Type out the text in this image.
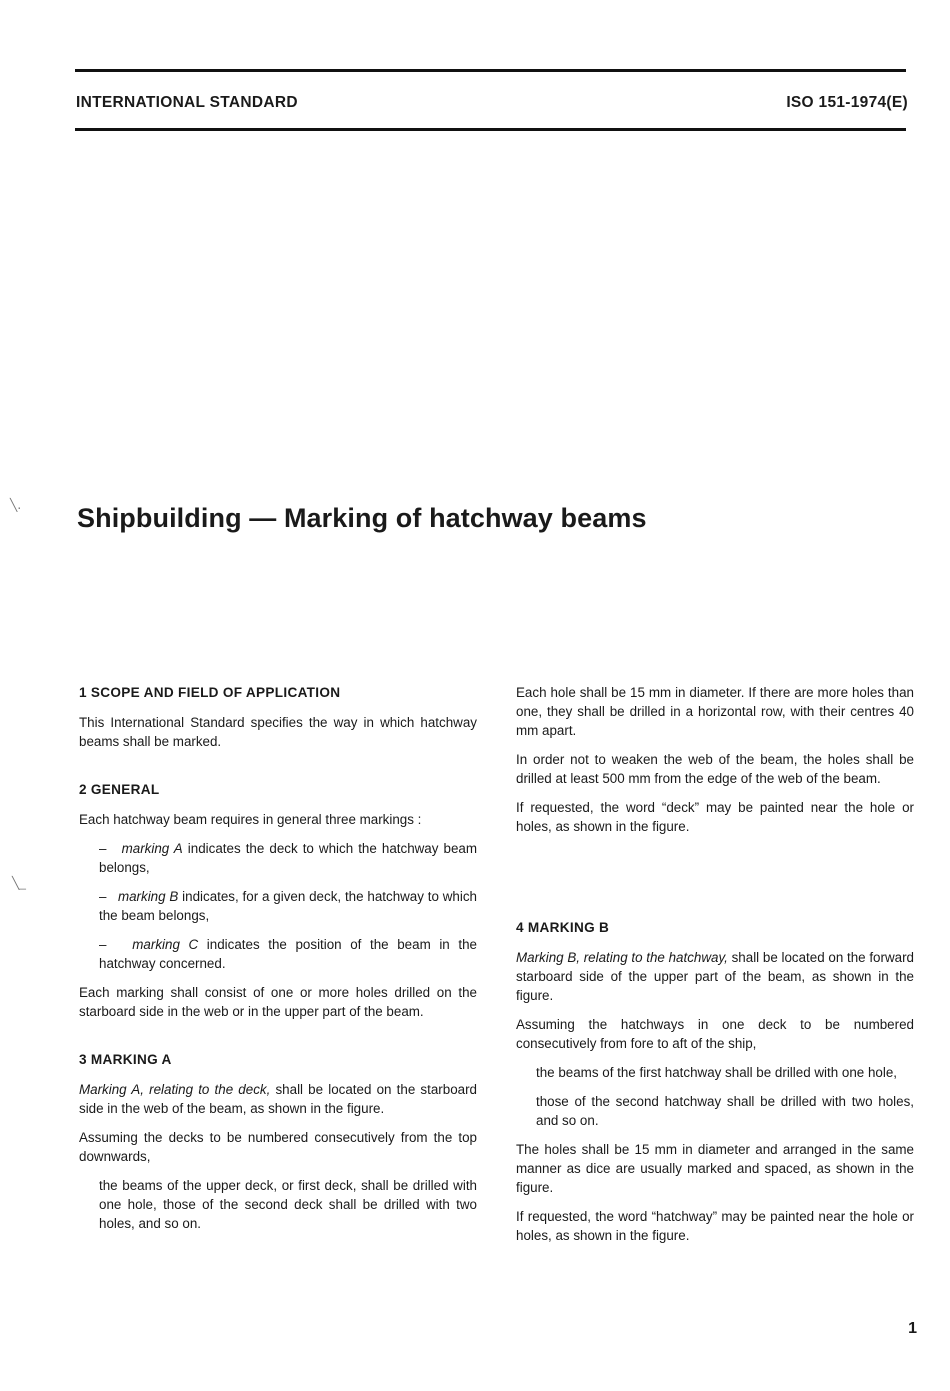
INTERNATIONAL STANDARD	ISO 151-1974(E)
╲․
╲_
Shipbuilding — Marking of hatchway beams
1 SCOPE AND FIELD OF APPLICATION

This International Standard specifies the way in which hatchway beams shall be marked.

2 GENERAL

Each hatchway beam requires in general three markings :

– marking A indicates the deck to which the hatchway beam belongs,

– marking B indicates, for a given deck, the hatchway to which the beam belongs,

– marking C indicates the position of the beam in the hatchway concerned.

Each marking shall consist of one or more holes drilled on the starboard side in the web or in the upper part of the beam.

3 MARKING A

Marking A, relating to the deck, shall be located on the starboard side in the web of the beam, as shown in the figure.

Assuming the decks to be numbered consecutively from the top downwards,

the beams of the upper deck, or first deck, shall be drilled with one hole, those of the second deck shall be drilled with two holes, and so on.

Each hole shall be 15 mm in diameter. If there are more holes than one, they shall be drilled in a horizontal row, with their centres 40 mm apart.

In order not to weaken the web of the beam, the holes shall be drilled at least 500 mm from the edge of the web of the beam.

If requested, the word “deck” may be painted near the hole or holes, as shown in the figure.

4 MARKING B

Marking B, relating to the hatchway, shall be located on the forward starboard side of the upper part of the beam, as shown in the figure.

Assuming the hatchways in one deck to be numbered consecutively from fore to aft of the ship,

the beams of the first hatchway shall be drilled with one hole,

those of the second hatchway shall be drilled with two holes, and so on.

The holes shall be 15 mm in diameter and arranged in the same manner as dice are usually marked and spaced, as shown in the figure.

If requested, the word “hatchway” may be painted near the hole or holes, as shown in the figure.

1
